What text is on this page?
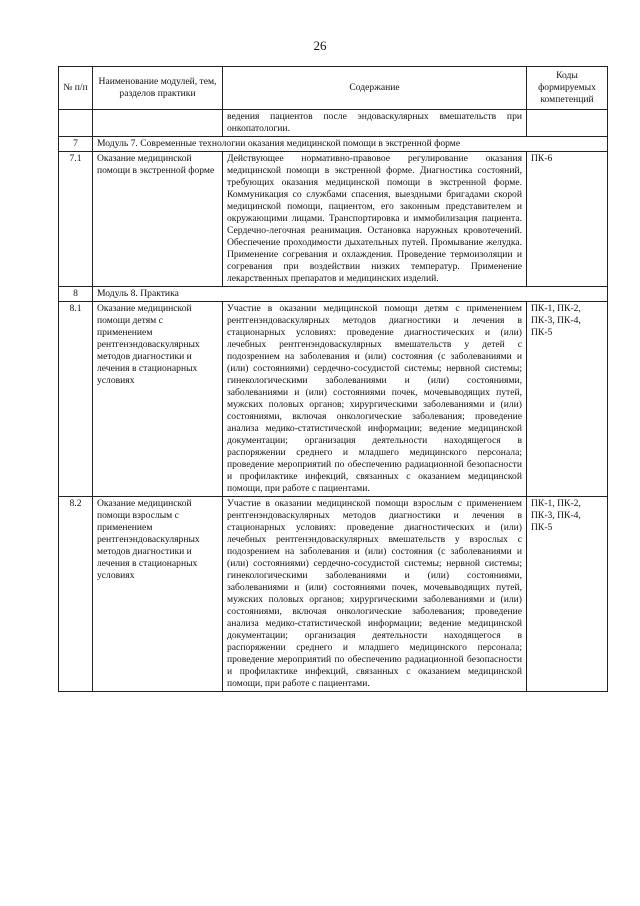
26
№ п/п	Наименование модулей, тем, разделов практики	Содержание	Коды формируемых компетенций
		ведения пациентов после эндоваскулярных вмешательств при онкопатологии.	
7	Модуль 7. Современные технологии оказания медицинской помощи в экстренной форме		
7.1	Оказание медицинской помощи в экстренной форме	Действующее нормативно-правовое регулирование оказания медицинской помощи в экстренной форме. Диагностика состояний, требующих оказания медицинской помощи в экстренной форме. Коммуникация со службами спасения, выездными бригадами скорой медицинской помощи, пациентом, его законным представителем и окружающими лицами. Транспортировка и иммобилизация пациента. Сердечно-легочная реанимация. Остановка наружных кровотечений. Обеспечение проходимости дыхательных путей. Промывание желудка. Применение согревания и охлаждения. Проведение термоизоляции и согревания при воздействии низких температур. Применение лекарственных препаратов и медицинских изделий.	ПК-6
8	Модуль 8. Практика		
8.1	Оказание медицинской помощи детям с применением рентгенэндоваскулярных методов диагностики и лечения в стационарных условиях	Участие в оказании медицинской помощи детям с применением рентгенэндоваскулярных методов диагностики и лечения в стационарных условиях: проведение диагностических и (или) лечебных рентгенэндоваскулярных вмешательств у детей с подозрением на заболевания и (или) состояния (с заболеваниями и (или) состояниями) сердечно-сосудистой системы; нервной системы; гинекологическими заболеваниями и (или) состояниями, заболеваниями и (или) состояниями почек, мочевыводящих путей, мужских половых органов; хирургическими заболеваниями и (или) состояниями, включая онкологические заболевания; проведение анализа медико-статистической информации; ведение медицинской документации; организация деятельности находящегося в распоряжении среднего и младшего медицинского персонала; проведение мероприятий по обеспечению радиационной безопасности и профилактике инфекций, связанных с оказанием медицинской помощи, при работе с пациентами.	ПК-1, ПК-2, ПК-3, ПК-4, ПК-5
8.2	Оказание медицинской помощи взрослым с применением рентгенэндоваскулярных методов диагностики и лечения в стационарных условиях	Участие в оказании медицинской помощи взрослым с применением рентгенэндоваскулярных методов диагностики и лечения в стационарных условиях: проведение диагностических и (или) лечебных рентгенэндоваскулярных вмешательств у взрослых с подозрением на заболевания и (или) состояния (с заболеваниями и (или) состояниями) сердечно-сосудистой системы; нервной системы; гинекологическими заболеваниями и (или) состояниями, заболеваниями и (или) состояниями почек, мочевыводящих путей, мужских половых органов; хирургическими заболеваниями и (или) состояниями, включая онкологические заболевания; проведение анализа медико-статистической информации; ведение медицинской документации; организация деятельности находящегося в распоряжении среднего и младшего медицинского персонала; проведение мероприятий по обеспечению радиационной безопасности и профилактике инфекций, связанных с оказанием медицинской помощи, при работе с пациентами.	ПК-1, ПК-2, ПК-3, ПК-4, ПК-5
